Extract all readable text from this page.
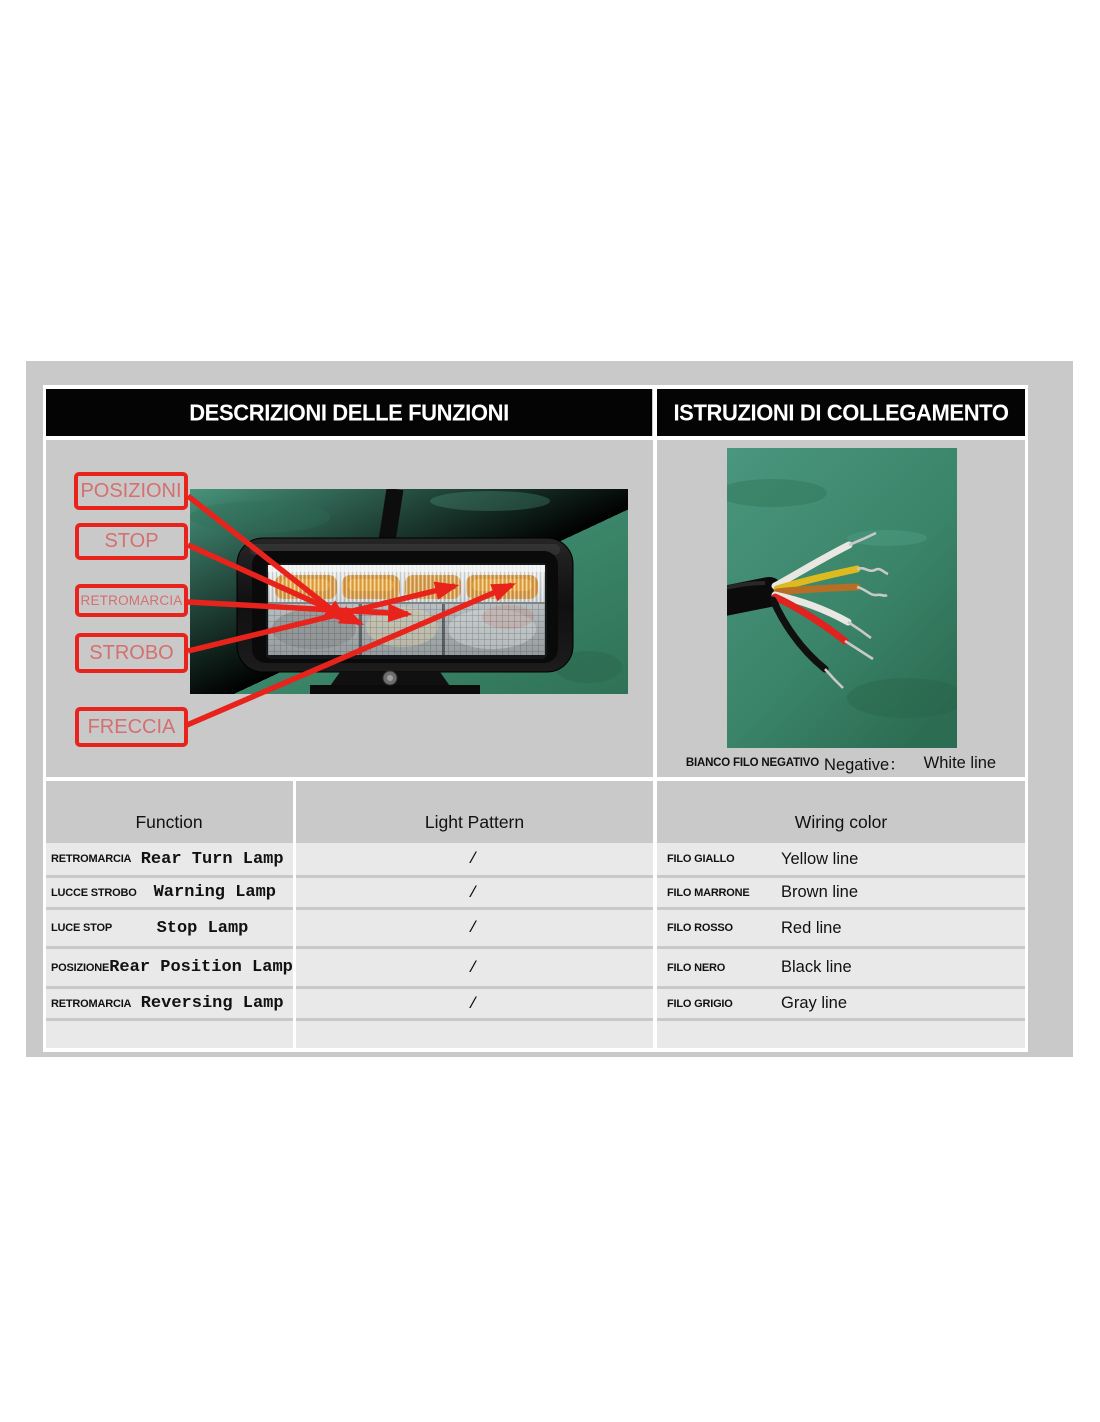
DESCRIZIONI DELLE FUNZIONI	ISTRUZIONI DI COLLEGAMENTO
POSIZIONI
STOP
RETROMARCIA
STROBO
FRECCIA
BIANCO FILO NEGATIVO Negative： White line
Function	Light Pattern	Wiring color
RETROMARCIA Rear Turn Lamp	/	FILO GIALLO	Yellow line
LUCCE STROBO Warning Lamp	/	FILO MARRONE	Brown line
LUCE STOP	Stop Lamp	/	FILO ROSSO	Red line
POSIZIONE Rear Position Lamp	/	FILO NERO	Black line
RETROMARCIA Reversing Lamp	/	FILO GRIGIO	Gray line
